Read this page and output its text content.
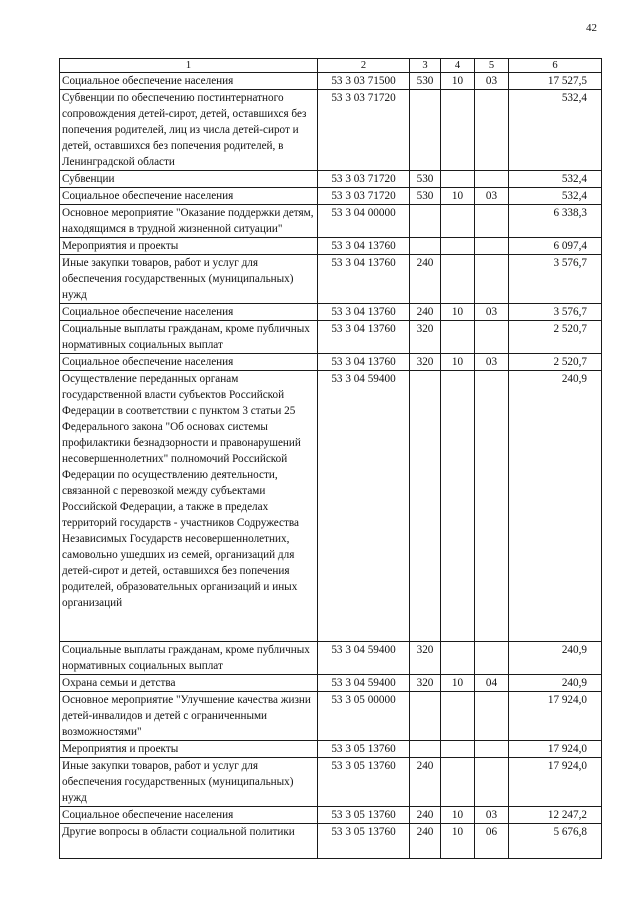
42
1	2	3	4	5	6
Социальное обеспечение населения	53 3 03 71500	530	10	03	17 527,5
Субвенции по обеспечению постинтернатного сопровождения детей-сирот, детей, оставшихся без попечения родителей, лиц из числа детей-сирот и детей, оставшихся без попечения родителей, в Ленинградской области	53 3 03 71720				532,4
Субвенции	53 3 03 71720	530			532,4
Социальное обеспечение населения	53 3 03 71720	530	10	03	532,4
Основное мероприятие "Оказание поддержки детям, находящимся в трудной жизненной ситуации"	53 3 04 00000				6 338,3
Мероприятия и проекты	53 3 04 13760				6 097,4
Иные закупки товаров, работ и услуг для обеспечения государственных (муниципальных) нужд	53 3 04 13760	240			3 576,7
Социальное обеспечение населения	53 3 04 13760	240	10	03	3 576,7
Социальные выплаты гражданам, кроме публичных нормативных социальных выплат	53 3 04 13760	320			2 520,7
Социальное обеспечение населения	53 3 04 13760	320	10	03	2 520,7
Осуществление переданных органам государственной власти субъектов Российской Федерации в соответствии с пунктом 3 статьи 25 Федерального закона "Об основах системы профилактики безнадзорности и правонарушений несовершеннолетних" полномочий Российской Федерации по осуществлению деятельности, связанной с перевозкой между субъектами Российской Федерации, а также в пределах территорий государств - участников Содружества Независимых Государств несовершеннолетних, самовольно ушедших из семей, организаций для детей-сирот и детей, оставшихся без попечения родителей, образовательных организаций и иных организаций	53 3 04 59400				240,9
Социальные выплаты гражданам, кроме публичных нормативных социальных выплат	53 3 04 59400	320			240,9
Охрана семьи и детства	53 3 04 59400	320	10	04	240,9
Основное мероприятие "Улучшение качества жизни детей-инвалидов и детей с ограниченными возможностями"	53 3 05 00000				17 924,0
Мероприятия и проекты	53 3 05 13760				17 924,0
Иные закупки товаров, работ и услуг для обеспечения государственных (муниципальных) нужд	53 3 05 13760	240			17 924,0
Социальное обеспечение населения	53 3 05 13760	240	10	03	12 247,2
Другие вопросы в области социальной политики	53 3 05 13760	240	10	06	5 676,8
